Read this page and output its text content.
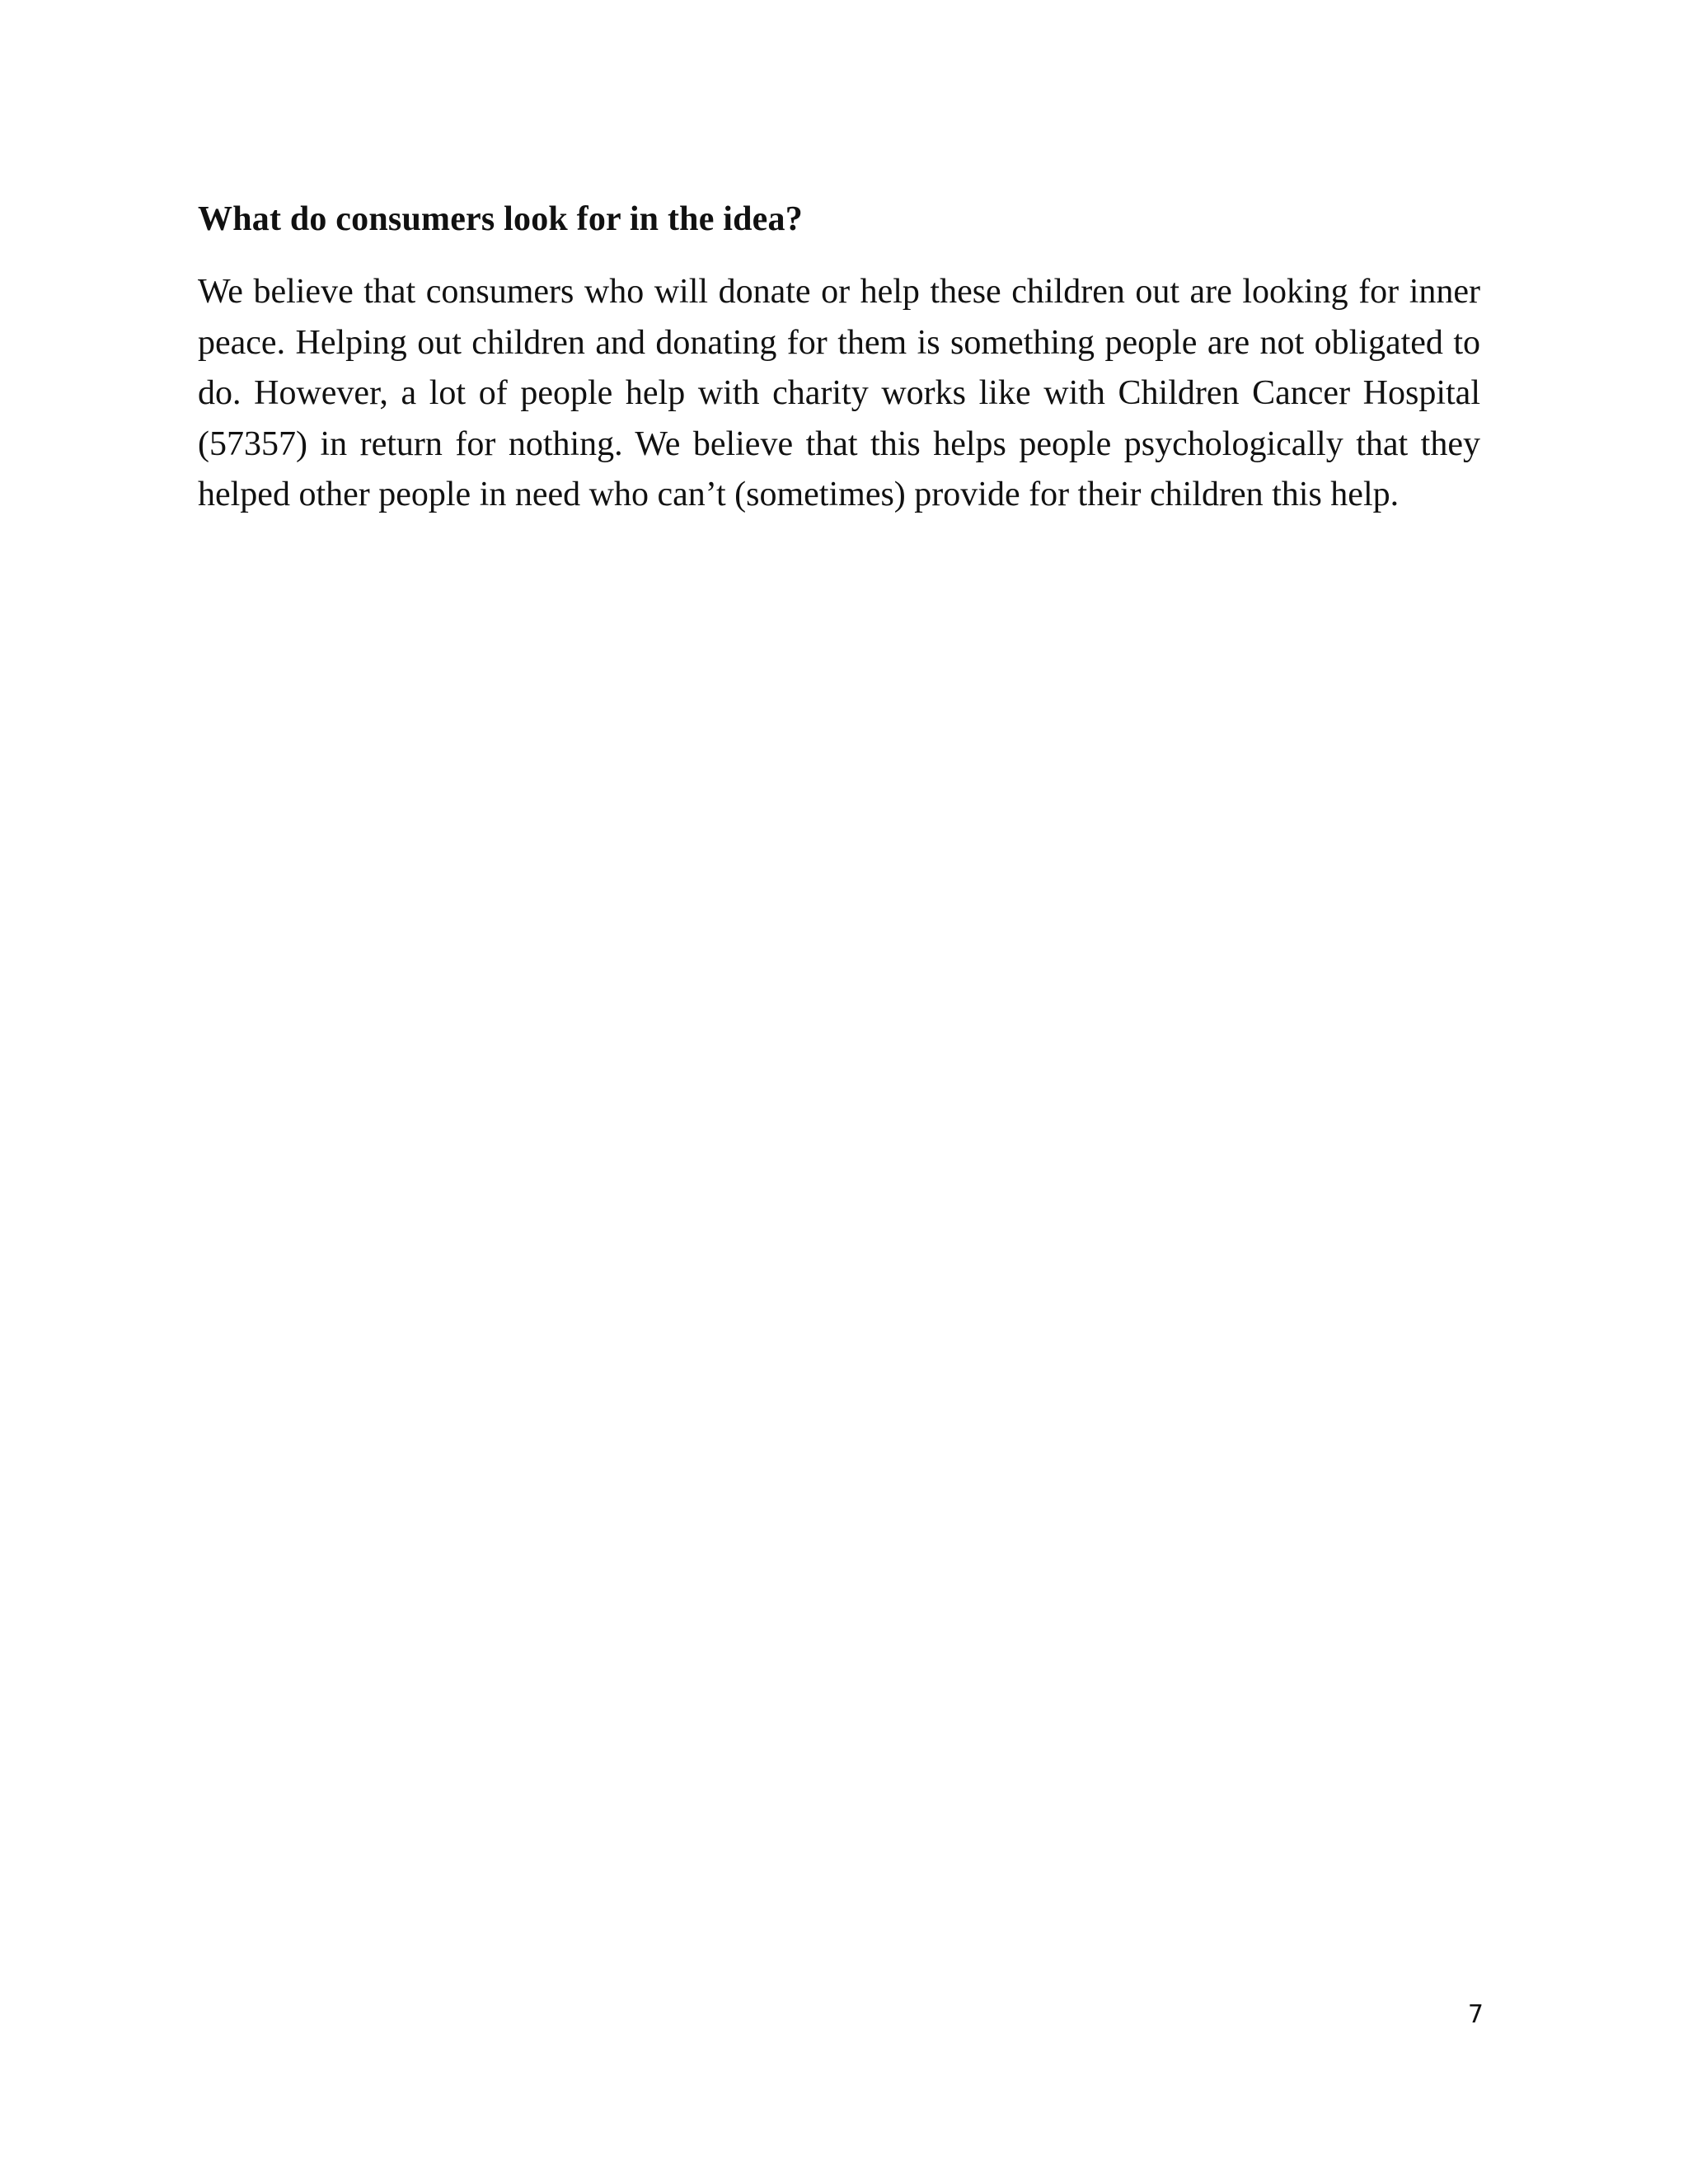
What do consumers look for in the idea?

We believe that consumers who will donate or help these children out are looking for inner peace. Helping out children and donating for them is something people are not obligated to do. However, a lot of people help with charity works like with Children Cancer Hospital (57357) in return for nothing. We believe that this helps people psychologically that they helped other people in need who can’t (sometimes) provide for their children this help.

7
